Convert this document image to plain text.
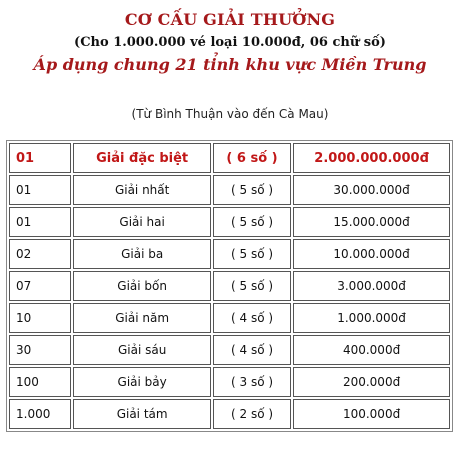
CƠ CẤU GIẢI THƯỞNG
(Cho 1.000.000 vé loại 10.000đ, 06 chữ số)
Áp dụng chung 21 tỉnh khu vực Miền Trung
(Từ Bình Thuận vào đến Cà Mau)
01	Giải đặc biệt	( 6 số )	2.000.000.000đ
01	Giải nhất	( 5 số )	30.000.000đ
01	Giải hai	( 5 số )	15.000.000đ
02	Giải ba	( 5 số )	10.000.000đ
07	Giải bốn	( 5 số )	3.000.000đ
10	Giải năm	( 4 số )	1.000.000đ
30	Giải sáu	( 4 số )	400.000đ
100	Giải bảy	( 3 số )	200.000đ
1.000	Giải tám	( 2 số )	100.000đ
